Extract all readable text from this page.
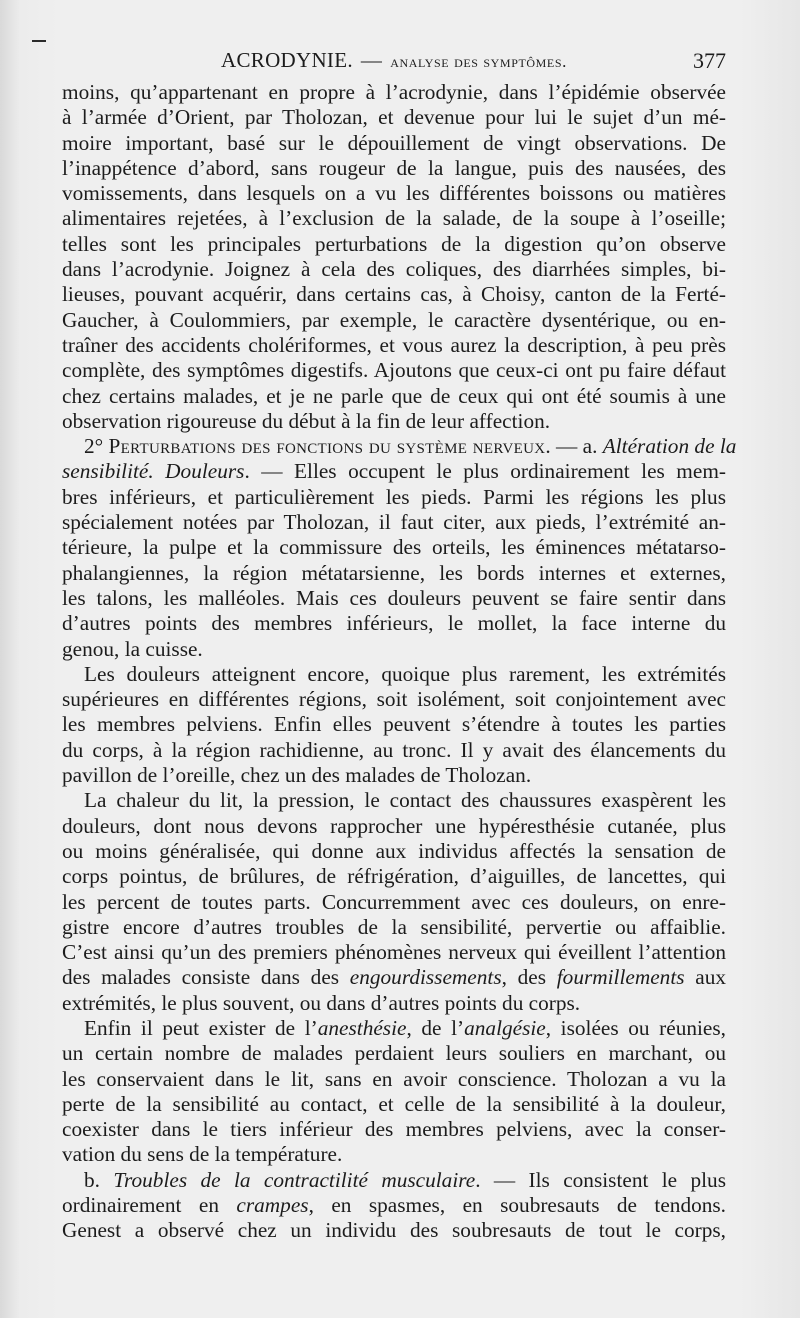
ACRODYNIE. — analyse des symptômes.	377
moins, qu’appartenant en propre à l’acrodynie, dans l’épidémie observée
à l’armée d’Orient, par Tholozan, et devenue pour lui le sujet d’un mé-
moire important, basé sur le dépouillement de vingt observations. De
l’inappétence d’abord, sans rougeur de la langue, puis des nausées, des
vomissements, dans lesquels on a vu les différentes boissons ou matières
alimentaires rejetées, à l’exclusion de la salade, de la soupe à l’oseille;
telles sont les principales perturbations de la digestion qu’on observe
dans l’acrodynie. Joignez à cela des coliques, des diarrhées simples, bi-
lieuses, pouvant acquérir, dans certains cas, à Choisy, canton de la Ferté-
Gaucher, à Coulommiers, par exemple, le caractère dysentérique, ou en-
traîner des accidents cholériformes, et vous aurez la description, à peu près
complète, des symptômes digestifs. Ajoutons que ceux-ci ont pu faire défaut
chez certains malades, et je ne parle que de ceux qui ont été soumis à une
observation rigoureuse du début à la fin de leur affection.
2° Perturbations des fonctions du système nerveux. — a. Altération de la
sensibilité. Douleurs. — Elles occupent le plus ordinairement les mem-
bres inférieurs, et particulièrement les pieds. Parmi les régions les plus
spécialement notées par Tholozan, il faut citer, aux pieds, l’extrémité an-
térieure, la pulpe et la commissure des orteils, les éminences métatarso-
phalangiennes, la région métatarsienne, les bords internes et externes,
les talons, les malléoles. Mais ces douleurs peuvent se faire sentir dans
d’autres points des membres inférieurs, le mollet, la face interne du
genou, la cuisse.
Les douleurs atteignent encore, quoique plus rarement, les extrémités
supérieures en différentes régions, soit isolément, soit conjointement avec
les membres pelviens. Enfin elles peuvent s’étendre à toutes les parties
du corps, à la région rachidienne, au tronc. Il y avait des élancements du
pavillon de l’oreille, chez un des malades de Tholozan.
La chaleur du lit, la pression, le contact des chaussures exaspèrent les
douleurs, dont nous devons rapprocher une hypéresthésie cutanée, plus
ou moins généralisée, qui donne aux individus affectés la sensation de
corps pointus, de brûlures, de réfrigération, d’aiguilles, de lancettes, qui
les percent de toutes parts. Concurremment avec ces douleurs, on enre-
gistre encore d’autres troubles de la sensibilité, pervertie ou affaiblie.
C’est ainsi qu’un des premiers phénomènes nerveux qui éveillent l’attention
des malades consiste dans des engourdissements, des fourmillements aux
extrémités, le plus souvent, ou dans d’autres points du corps.
Enfin il peut exister de l’anesthésie, de l’analgésie, isolées ou réunies,
un certain nombre de malades perdaient leurs souliers en marchant, ou
les conservaient dans le lit, sans en avoir conscience. Tholozan a vu la
perte de la sensibilité au contact, et celle de la sensibilité à la douleur,
coexister dans le tiers inférieur des membres pelviens, avec la conser-
vation du sens de la température.
b. Troubles de la contractilité musculaire. — Ils consistent le plus
ordinairement en crampes, en spasmes, en soubresauts de tendons.
Genest a observé chez un individu des soubresauts de tout le corps,
